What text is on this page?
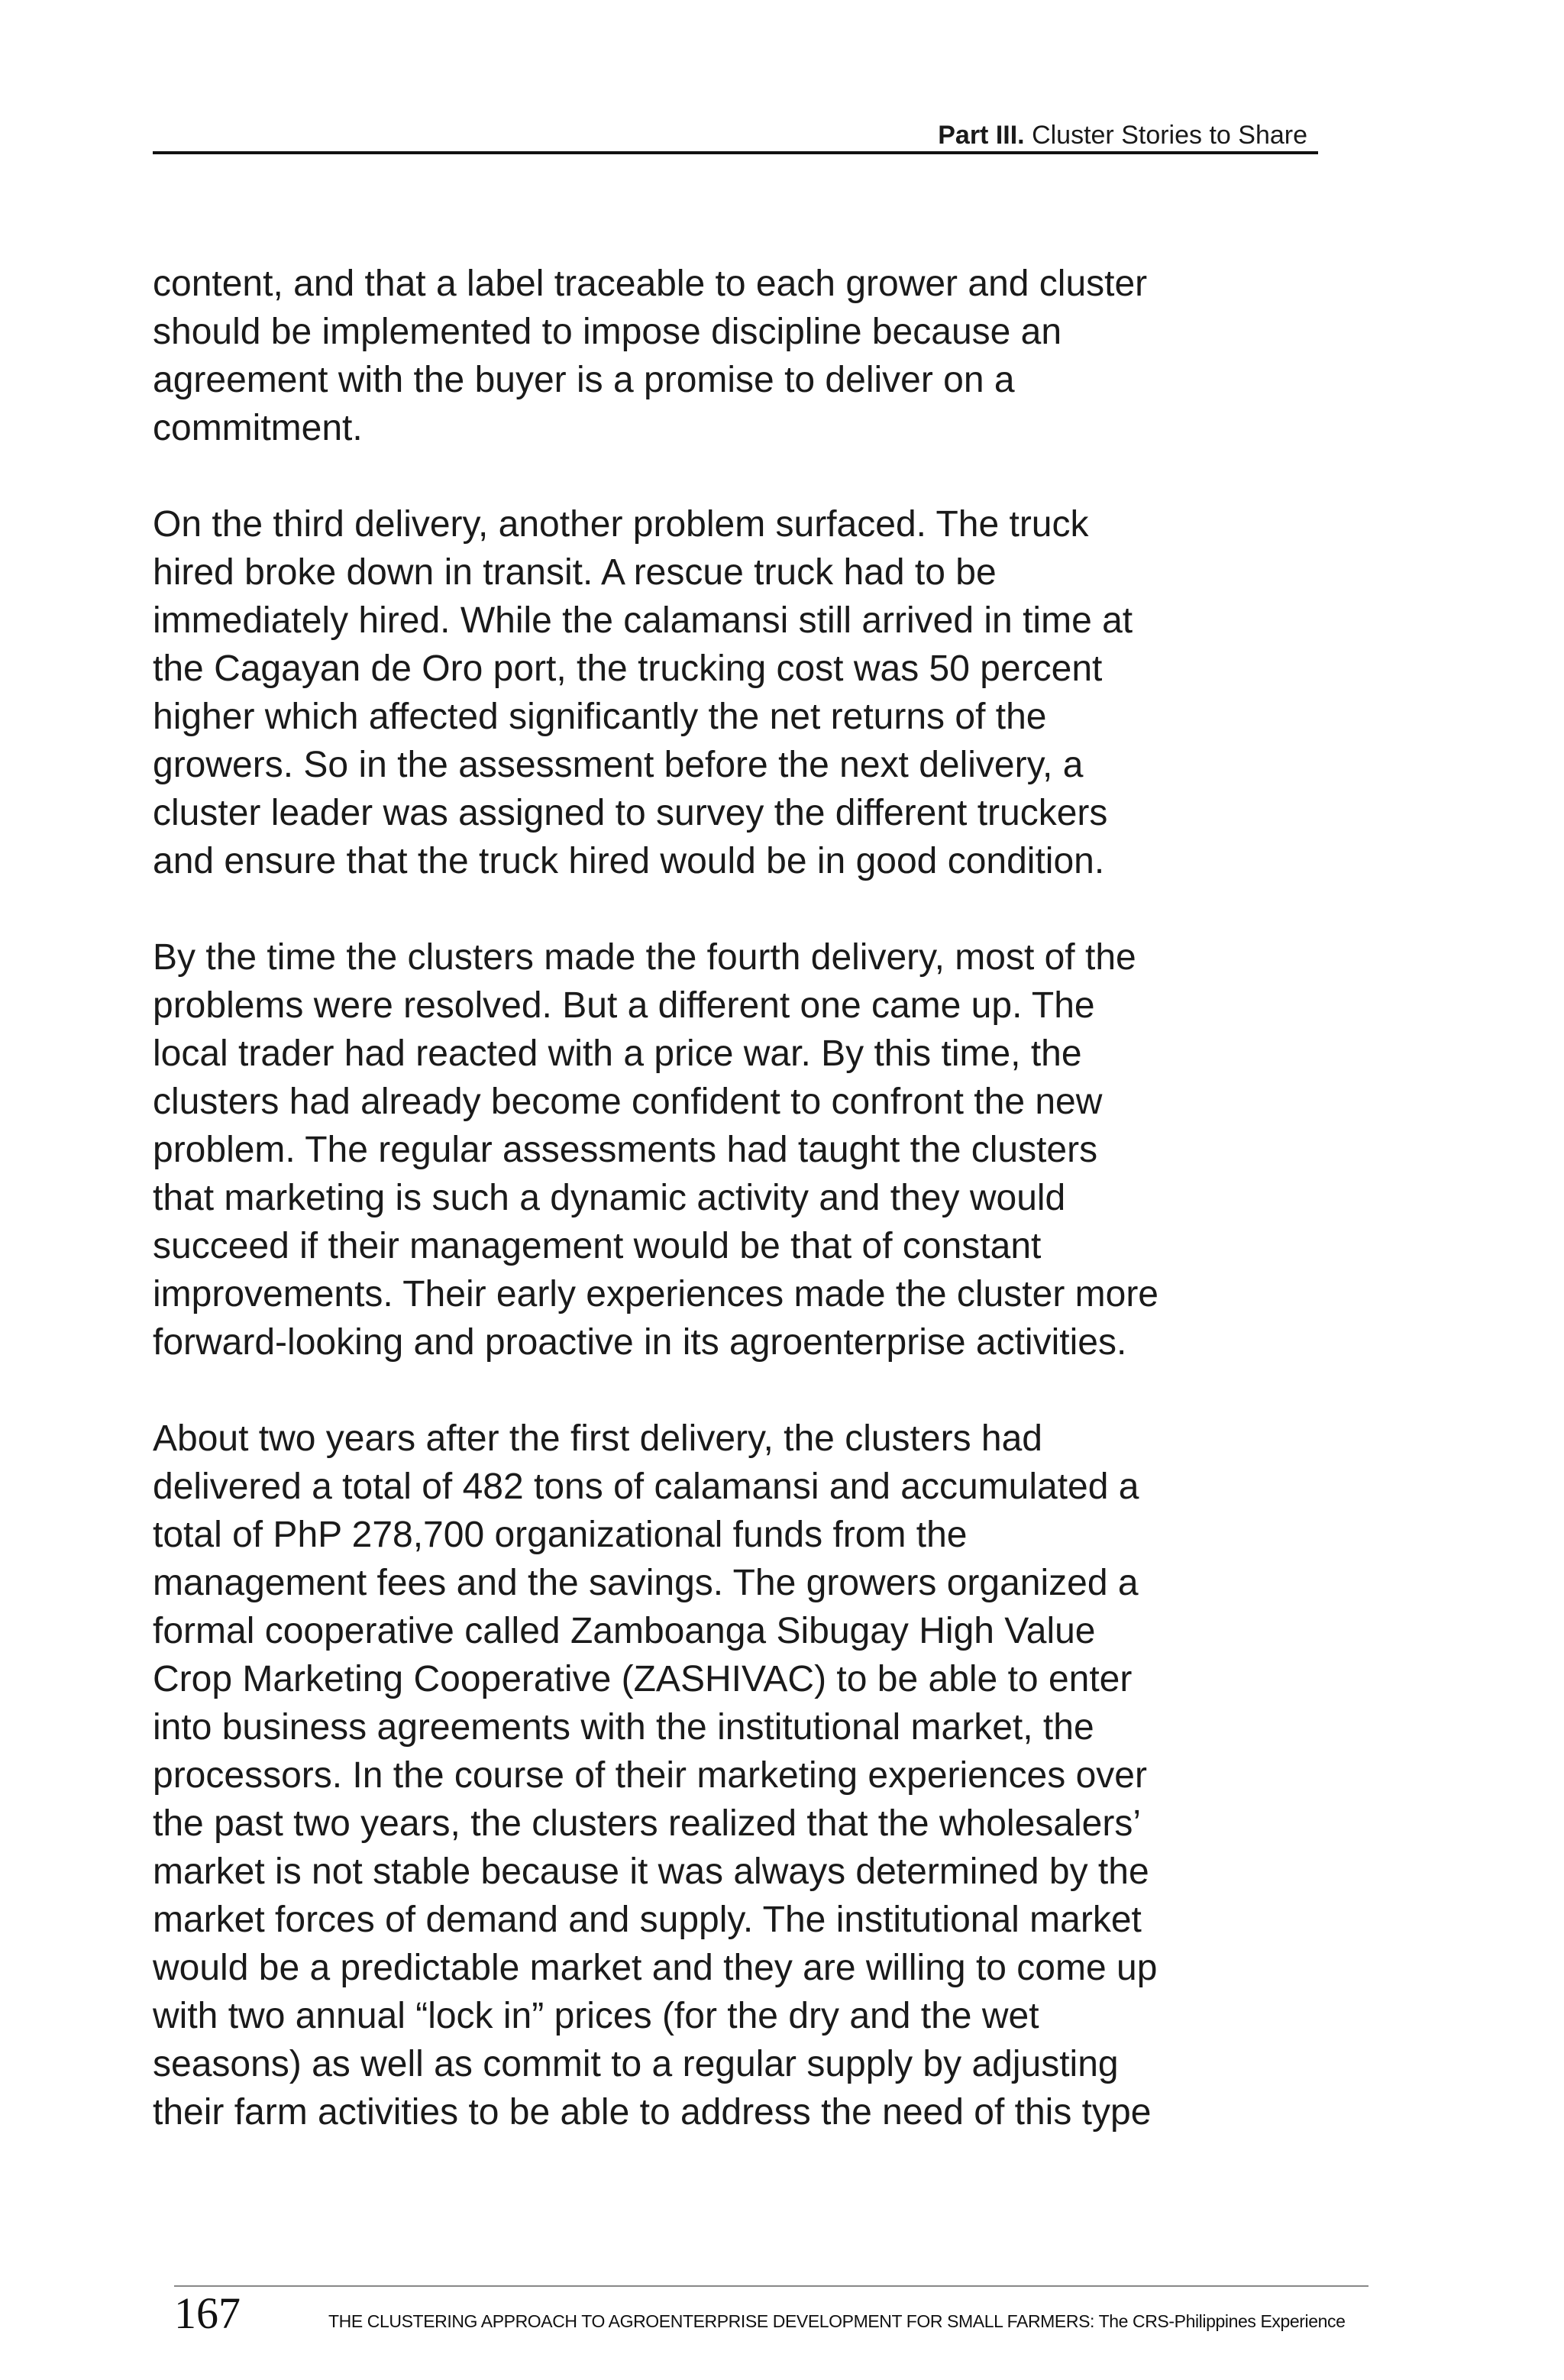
Part III. Cluster Stories to Share

content, and that a label traceable to each grower and cluster
should be implemented to impose discipline because an
agreement with the buyer is a promise to deliver on a
commitment.

On the third delivery, another problem surfaced. The truck
hired broke down in transit. A rescue truck had to be
immediately hired. While the calamansi still arrived in time at
the Cagayan de Oro port, the trucking cost was 50 percent
higher which affected significantly the net returns of the
growers. So in the assessment before the next delivery, a
cluster leader was assigned to survey the different truckers
and ensure that the truck hired would be in good condition.

By the time the clusters made the fourth delivery, most of the
problems were resolved. But a different one came up. The
local trader had reacted with a price war. By this time, the
clusters had already become confident to confront the new
problem. The regular assessments had taught the clusters
that marketing is such a dynamic activity and they would
succeed if their management would be that of constant
improvements. Their early experiences made the cluster more
forward-looking and proactive in its agroenterprise activities.

About two years after the first delivery, the clusters had
delivered a total of 482 tons of calamansi and accumulated a
total of PhP 278,700 organizational funds from the
management fees and the savings. The growers organized a
formal cooperative called Zamboanga Sibugay High Value
Crop Marketing Cooperative (ZASHIVAC) to be able to enter
into business agreements with the institutional market, the
processors. In the course of their marketing experiences over
the past two years, the clusters realized that the wholesalers’
market is not stable because it was always determined by the
market forces of demand and supply. The institutional market
would be a predictable market and they are willing to come up
with two annual “lock in” prices (for the dry and the wet
seasons) as well as commit to a regular supply by adjusting
their farm activities to be able to address the need of this type

167	THE CLUSTERING APPROACH TO AGROENTERPRISE DEVELOPMENT FOR SMALL FARMERS: The CRS-Philippines Experience
